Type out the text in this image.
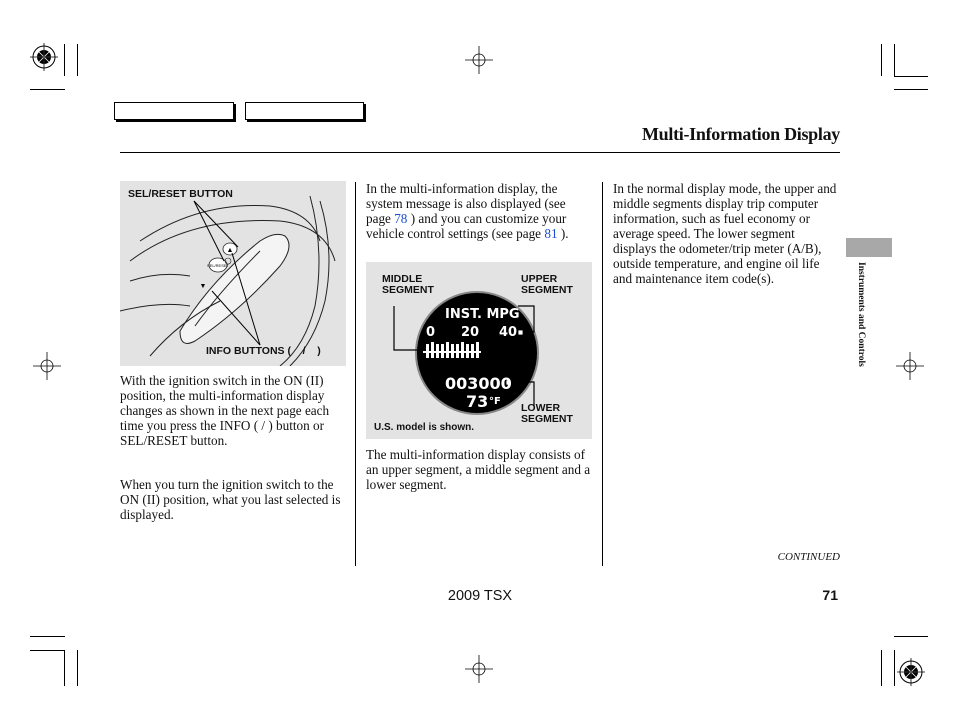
Multi-Information Display
SEL/RESET
▲
▼
SEL/RESET BUTTON
INFO BUTTONS (    /    )
With the ignition switch in the ON (II) position, the multi-information display changes as shown in the next page each time you press the INFO ( / ) button or SEL/RESET button.
When you turn the ignition switch to the ON (II) position, what you last selected is displayed.
In the multi-information display, the system message is also displayed (see page 78 ) and you can customize your vehicle control settings (see page 81 ).
INST. MPG
0 20 40
003000
73 °F
MIDDLE
SEGMENT
UPPER
SEGMENT
LOWER
SEGMENT
U.S. model is shown.
The multi-information display consists of an upper segment, a middle segment and a lower segment.
In the normal display mode, the upper and middle segments display trip computer information, such as fuel economy or average speed. The lower segment displays the odometer/trip meter (A/B), outside temperature, and engine oil life and maintenance item code(s).	Instruments and Controls
CONTINUED
2009 TSX	71
